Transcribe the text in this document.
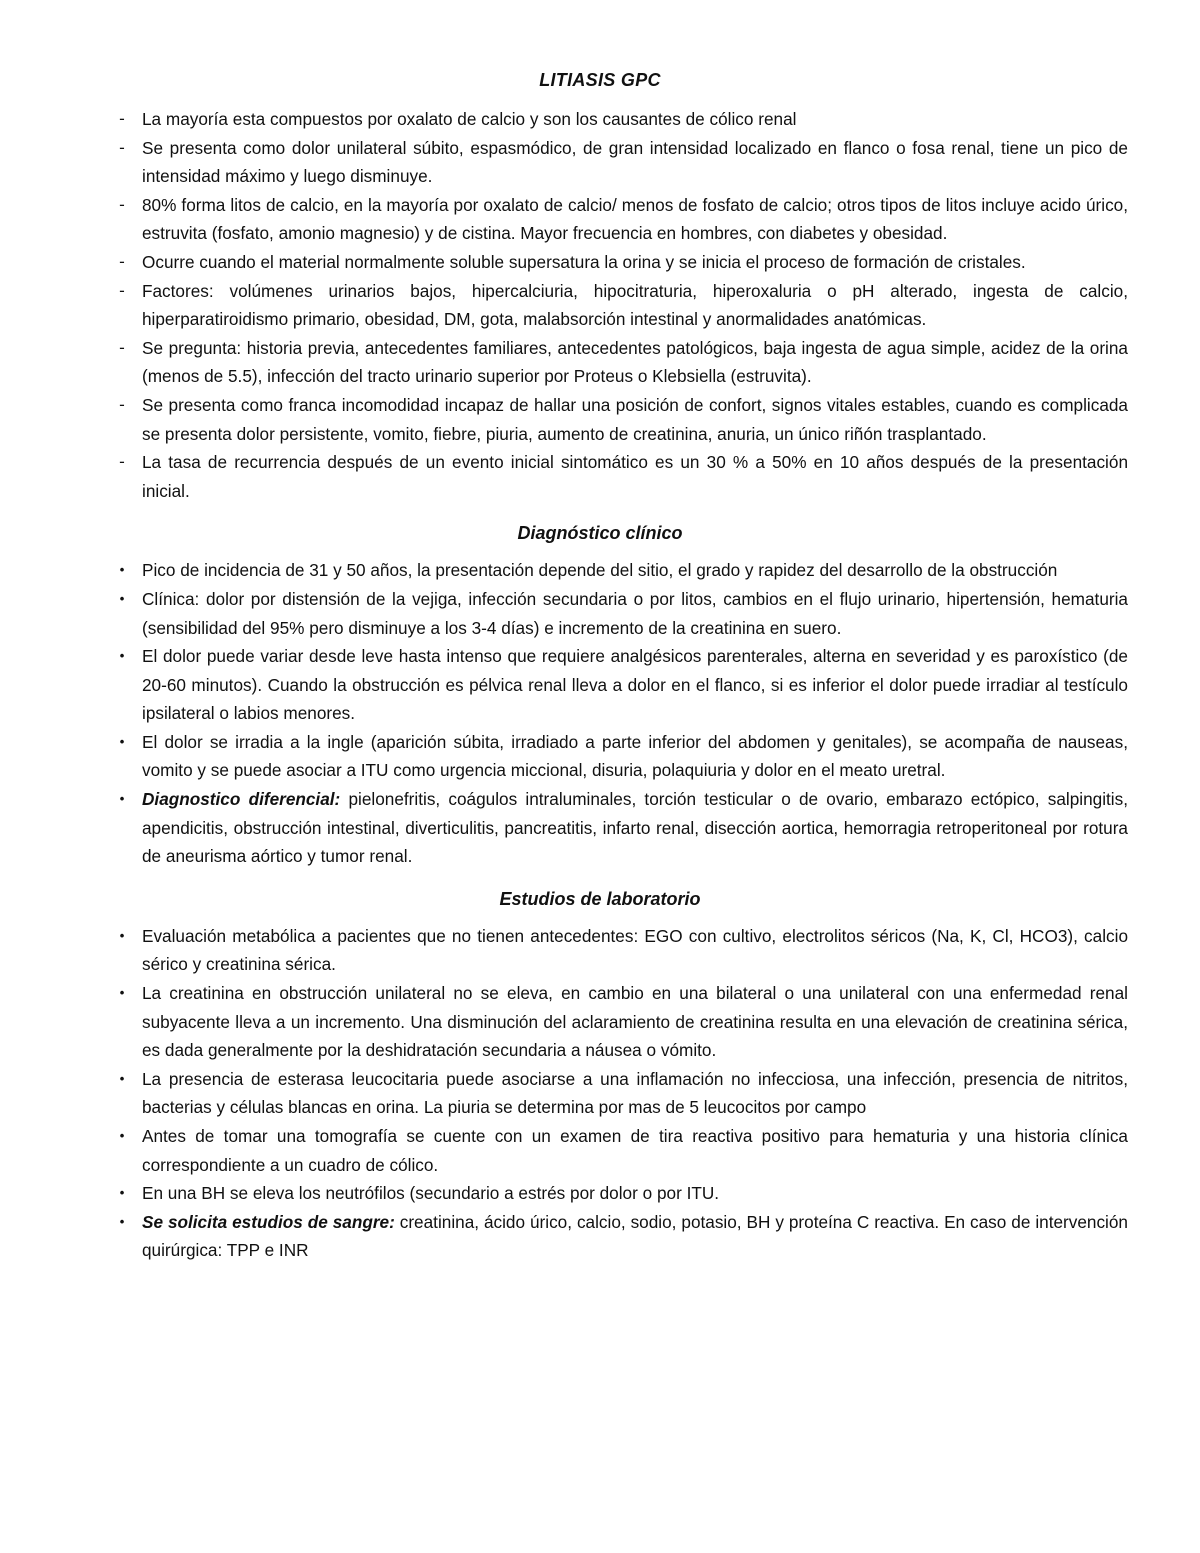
LITIASIS GPC
- La mayoría esta compuestos por oxalato de calcio y son los causantes de cólico renal
- Se presenta como dolor unilateral súbito, espasmódico, de gran intensidad localizado en flanco o fosa renal, tiene un pico de intensidad máximo y luego disminuye.
- 80% forma litos de calcio, en la mayoría por oxalato de calcio/ menos de fosfato de calcio; otros tipos de litos incluye acido úrico, estruvita (fosfato, amonio magnesio) y de cistina. Mayor frecuencia en hombres, con diabetes y obesidad.
- Ocurre cuando el material normalmente soluble supersatura la orina y se inicia el proceso de formación de cristales.
- Factores: volúmenes urinarios bajos, hipercalciuria, hipocitraturia, hiperoxaluria o pH alterado, ingesta de calcio, hiperparatiroidismo primario, obesidad, DM, gota, malabsorción intestinal y anormalidades anatómicas.
- Se pregunta: historia previa, antecedentes familiares, antecedentes patológicos, baja ingesta de agua simple, acidez de la orina (menos de 5.5), infección del tracto urinario superior por Proteus o Klebsiella (estruvita).
- Se presenta como franca incomodidad incapaz de hallar una posición de confort, signos vitales estables, cuando es complicada se presenta dolor persistente, vomito, fiebre, piuria, aumento de creatinina, anuria, un único riñón trasplantado.
- La tasa de recurrencia después de un evento inicial sintomático es un 30 % a 50% en 10 años después de la presentación inicial.
Diagnóstico clínico
• Pico de incidencia de 31 y 50 años, la presentación depende del sitio, el grado y rapidez del desarrollo de la obstrucción
• Clínica: dolor por distensión de la vejiga, infección secundaria o por litos, cambios en el flujo urinario, hipertensión, hematuria (sensibilidad del 95% pero disminuye a los 3-4 días) e incremento de la creatinina en suero.
• El dolor puede variar desde leve hasta intenso que requiere analgésicos parenterales, alterna en severidad y es paroxístico (de 20-60 minutos). Cuando la obstrucción es pélvica renal lleva a dolor en el flanco, si es inferior el dolor puede irradiar al testículo ipsilateral o labios menores.
• El dolor se irradia a la ingle (aparición súbita, irradiado a parte inferior del abdomen y genitales), se acompaña de nauseas, vomito y se puede asociar a ITU como urgencia miccional, disuria, polaquiuria y dolor en el meato uretral.
• Diagnostico diferencial: pielonefritis, coágulos intraluminales, torción testicular o de ovario, embarazo ectópico, salpingitis, apendicitis, obstrucción intestinal, diverticulitis, pancreatitis, infarto renal, disección aortica, hemorragia retroperitoneal por rotura de aneurisma aórtico y tumor renal.
Estudios de laboratorio
• Evaluación metabólica a pacientes que no tienen antecedentes: EGO con cultivo, electrolitos séricos (Na, K, Cl, HCO3), calcio sérico y creatinina sérica.
• La creatinina en obstrucción unilateral no se eleva, en cambio en una bilateral o una unilateral con una enfermedad renal subyacente lleva a un incremento. Una disminución del aclaramiento de creatinina resulta en una elevación de creatinina sérica, es dada generalmente por la deshidratación secundaria a náusea o vómito.
• La presencia de esterasa leucocitaria puede asociarse a una inflamación no infecciosa, una infección, presencia de nitritos, bacterias y células blancas en orina. La piuria se determina por mas de 5 leucocitos por campo
• Antes de tomar una tomografía se cuente con un examen de tira reactiva positivo para hematuria y una historia clínica correspondiente a un cuadro de cólico.
• En una BH se eleva los neutrófilos (secundario a estrés por dolor o por ITU.
• Se solicita estudios de sangre: creatinina, ácido úrico, calcio, sodio, potasio, BH y proteína C reactiva. En caso de intervención quirúrgica: TPP e INR
